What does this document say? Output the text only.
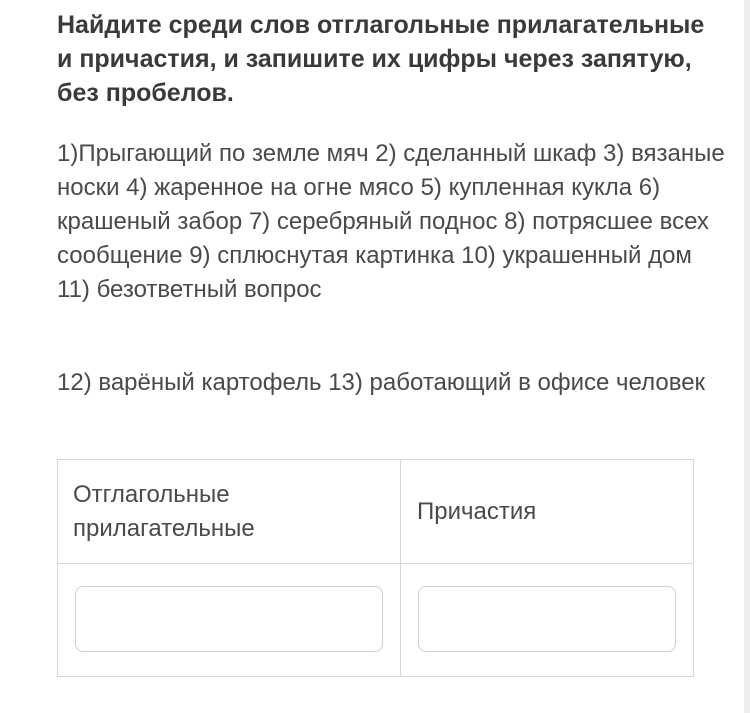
Найдите среди слов отглагольные прилагательные и причастия, и запишите их цифры через запятую, без пробелов.
1)Прыгающий по земле мяч 2) сделанный шкаф 3) вязаные носки 4) жаренное на огне мясо 5) купленная кукла 6) крашеный забор 7) серебряный поднос 8) потрясшее всех сообщение 9) сплюснутая картинка 10) украшенный дом 11) безответный вопрос
12) варёный картофель 13) работающий в офисе человек
Отглагольные прилагательные
Причастия
